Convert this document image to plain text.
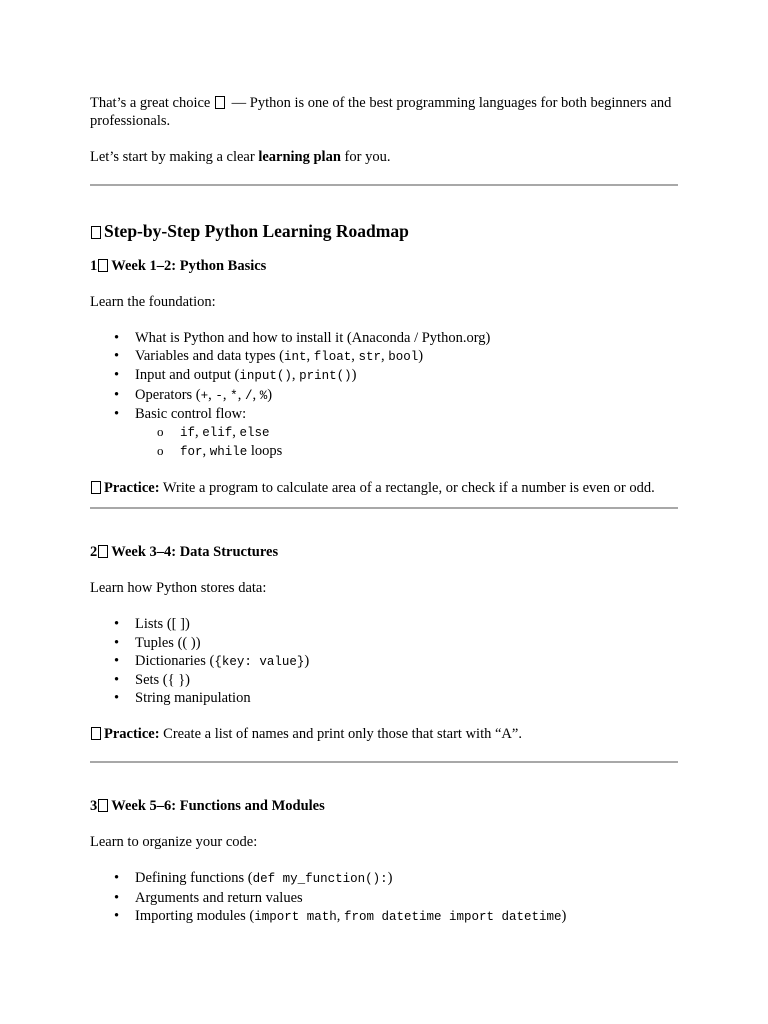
That’s a great choice — Python is one of the best programming languages for both beginners and professionals.

Let’s start by making a clear learning plan for you.

Step-by-Step Python Learning Roadmap
1 Week 1–2: Python Basics

Learn the foundation:

• What is Python and how to install it (Anaconda / Python.org)
• Variables and data types (int, float, str, bool)
• Input and output (input(), print())
• Operators (+, -, *, /, %)
• Basic control flow:
o if, elif, else
o for, while loops

Practice: Write a program to calculate area of a rectangle, or check if a number is even or odd.

2 Week 3–4: Data Structures

Learn how Python stores data:

• Lists ([ ])
• Tuples (( ))
• Dictionaries ({key: value})
• Sets ({ })
• String manipulation

Practice: Create a list of names and print only those that start with “A”.

3 Week 5–6: Functions and Modules

Learn to organize your code:

• Defining functions (def my_function():)
• Arguments and return values
• Importing modules (import math, from datetime import datetime)
